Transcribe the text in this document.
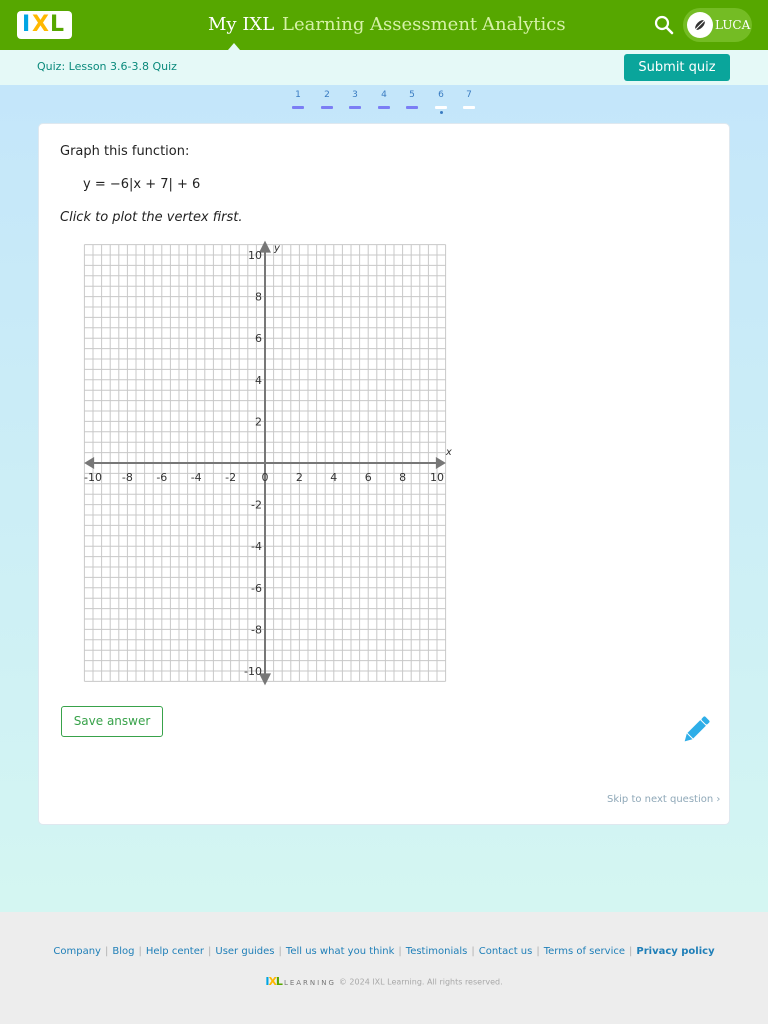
I X L	My IXL Learning Assessment Analytics	LUCA
Quiz: Lesson 3.6-3.8 Quiz	Submit quiz
1	2	3	4	5	6	7
Graph this function:
y = −6|x + 7| + 6
Click to plot the vertex first.
x
y
-10 -8 -6 -4 -2 0 2 4 6 8 10
10
8
6
4
2
-2
-4
-6
-8
-10
Save answer
Skip to next question ›
Company | Blog | Help center | User guides | Tell us what you think | Testimonials | Contact us | Terms of service | Privacy policy
IXL LEARNING © 2024 IXL Learning. All rights reserved.
